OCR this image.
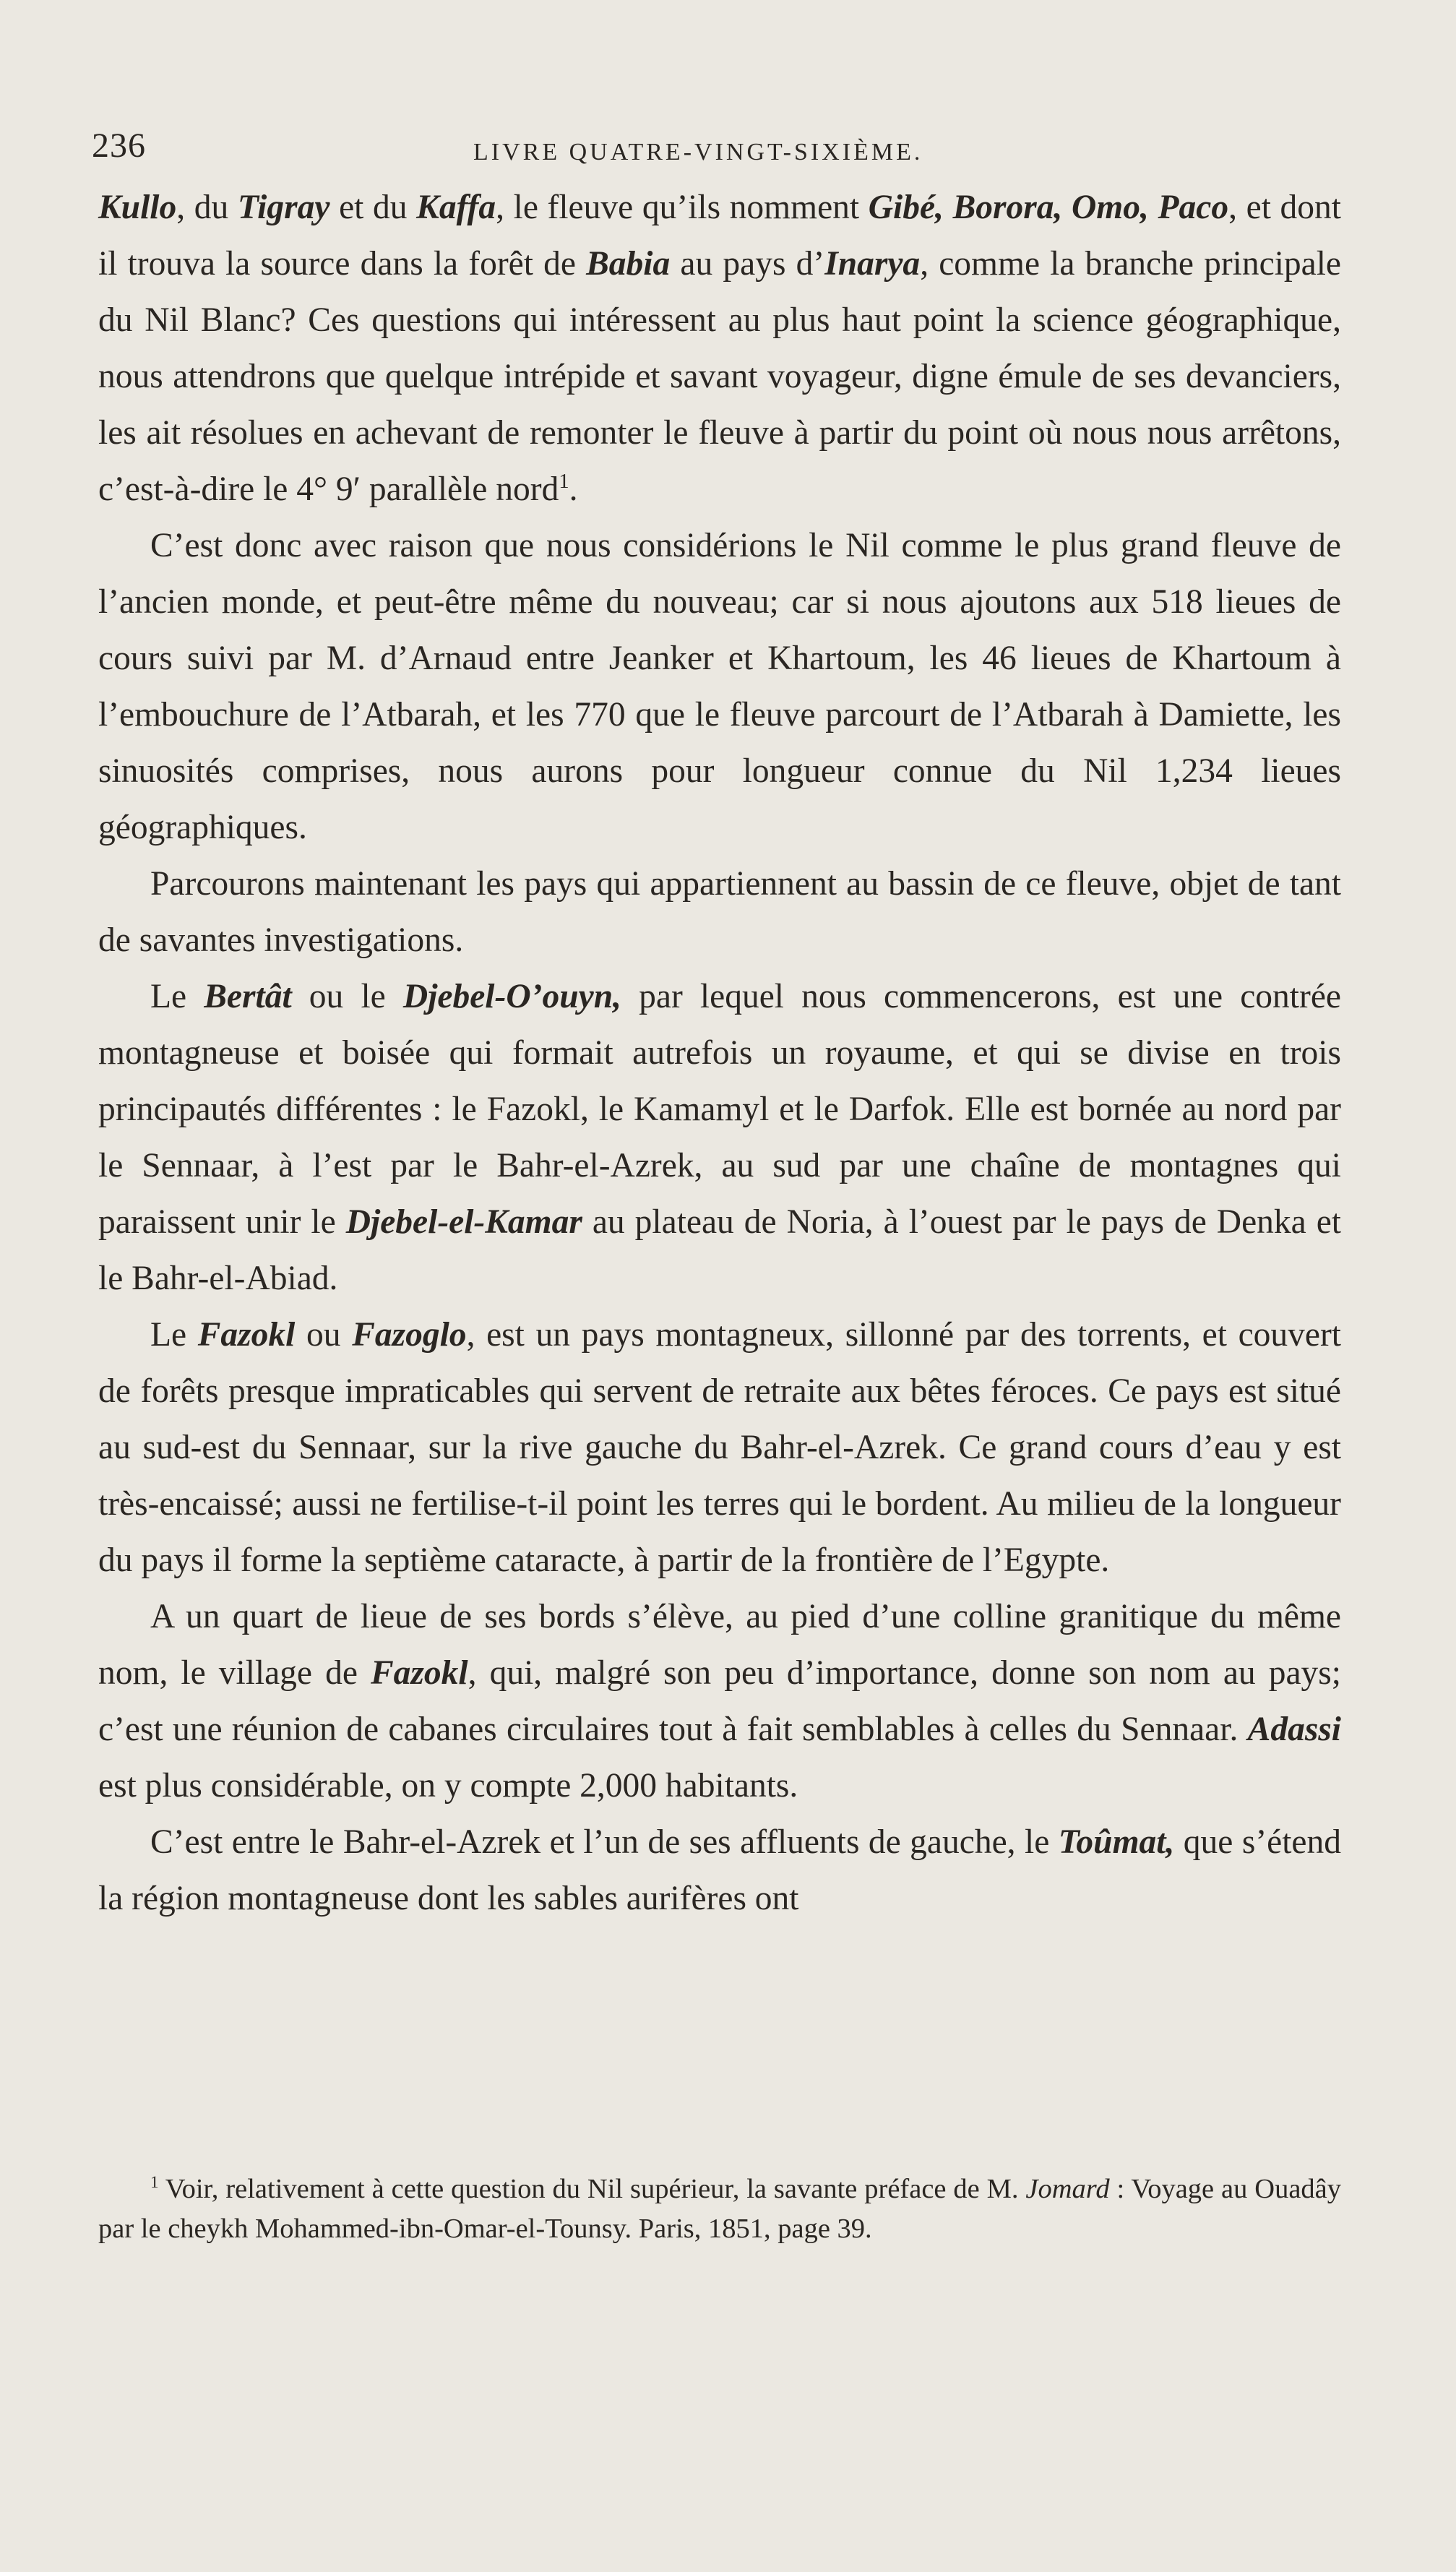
236	LIVRE QUATRE-VINGT-SIXIÈME.

Kullo, du Tigray et du Kaffa, le fleuve qu’ils nomment Gibé, Borora, Omo, Paco, et dont il trouva la source dans la forêt de Babia au pays d’Inarya, comme la branche principale du Nil Blanc? Ces questions qui intéressent au plus haut point la science géographique, nous attendrons que quelque intrépide et savant voyageur, digne émule de ses devanciers, les ait résolues en achevant de remonter le fleuve à partir du point où nous nous arrêtons, c’est-à-dire le 4° 9′ parallèle nord$^1$.

C’est donc avec raison que nous considérions le Nil comme le plus grand fleuve de l’ancien monde, et peut-être même du nouveau; car si nous ajoutons aux 518 lieues de cours suivi par M. d’Arnaud entre Jeanker et Khartoum, les 46 lieues de Khartoum à l’embouchure de l’Atbarah, et les 770 que le fleuve parcourt de l’Atbarah à Damiette, les sinuosités comprises, nous aurons pour longueur connue du Nil 1,234 lieues géographiques.

Parcourons maintenant les pays qui appartiennent au bassin de ce fleuve, objet de tant de savantes investigations.

Le Bertât ou le Djebel-O’ouyn, par lequel nous commencerons, est une contrée montagneuse et boisée qui formait autrefois un royaume, et qui se divise en trois principautés différentes : le Fazokl, le Kamamyl et le Darfok. Elle est bornée au nord par le Sennaar, à l’est par le Bahr-el-Azrek, au sud par une chaîne de montagnes qui paraissent unir le Djebel-el-Kamar au plateau de Noria, à l’ouest par le pays de Denka et le Bahr-el-Abiad.

Le Fazokl ou Fazoglo, est un pays montagneux, sillonné par des torrents, et couvert de forêts presque impraticables qui servent de retraite aux bêtes féroces. Ce pays est situé au sud-est du Sennaar, sur la rive gauche du Bahr-el-Azrek. Ce grand cours d’eau y est très-encaissé; aussi ne fertilise-t-il point les terres qui le bordent. Au milieu de la longueur du pays il forme la septième cataracte, à partir de la frontière de l’Egypte.

A un quart de lieue de ses bords s’élève, au pied d’une colline granitique du même nom, le village de Fazokl, qui, malgré son peu d’importance, donne son nom au pays; c’est une réunion de cabanes circulaires tout à fait semblables à celles du Sennaar. Adassi est plus considérable, on y compte 2,000 habitants.

C’est entre le Bahr-el-Azrek et l’un de ses affluents de gauche, le Toûmat, que s’étend la région montagneuse dont les sables aurifères ont

$^1$ Voir, relativement à cette question du Nil supérieur, la savante préface de M. Jomard : Voyage au Ouadây par le cheykh Mohammed-ibn-Omar-el-Tounsy. Paris, 1851, page 39.
